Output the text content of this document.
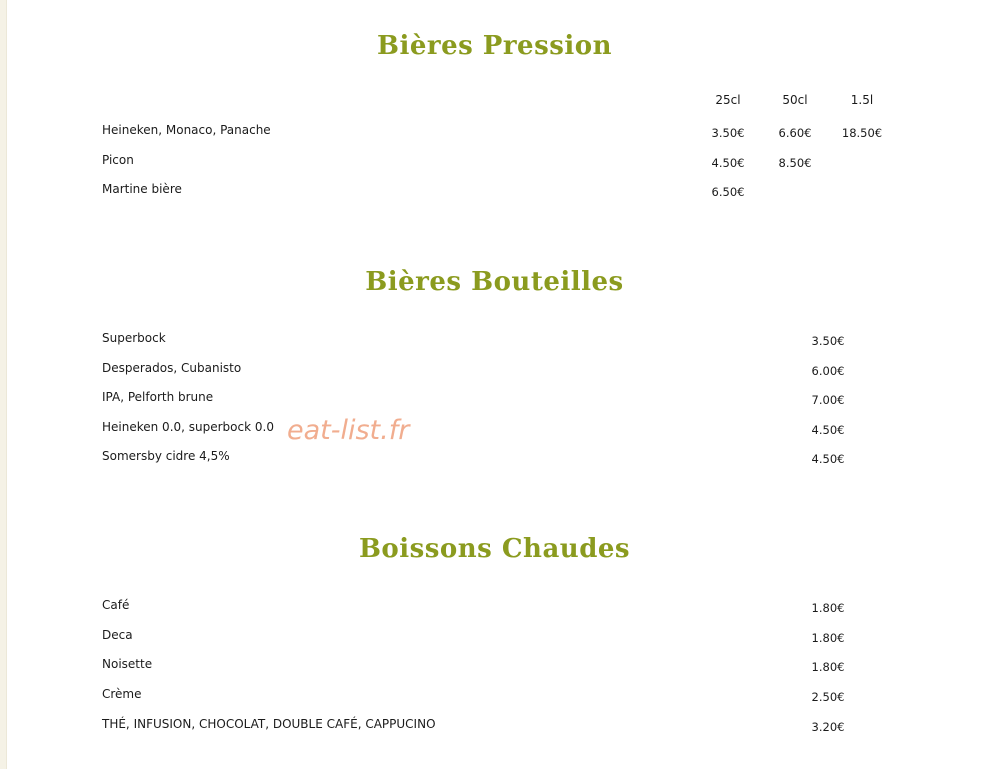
Bières Pression
25cl	50cl	1.5l
Heineken, Monaco, Panache	3.50€	6.60€	18.50€
Picon	4.50€	8.50€
Martine bière	6.50€
Bières Bouteilles
Superbock	3.50€
Desperados, Cubanisto	6.00€
IPA, Pelforth brune	7.00€
Heineken 0.0, superbock 0.0	4.50€
Somersby cidre 4,5%	4.50€
eat-list.fr
Boissons Chaudes
Café	1.80€
Deca	1.80€
Noisette	1.80€
Crème	2.50€
THÉ, INFUSION, CHOCOLAT, DOUBLE CAFÉ, CAPPUCINO	3.20€
